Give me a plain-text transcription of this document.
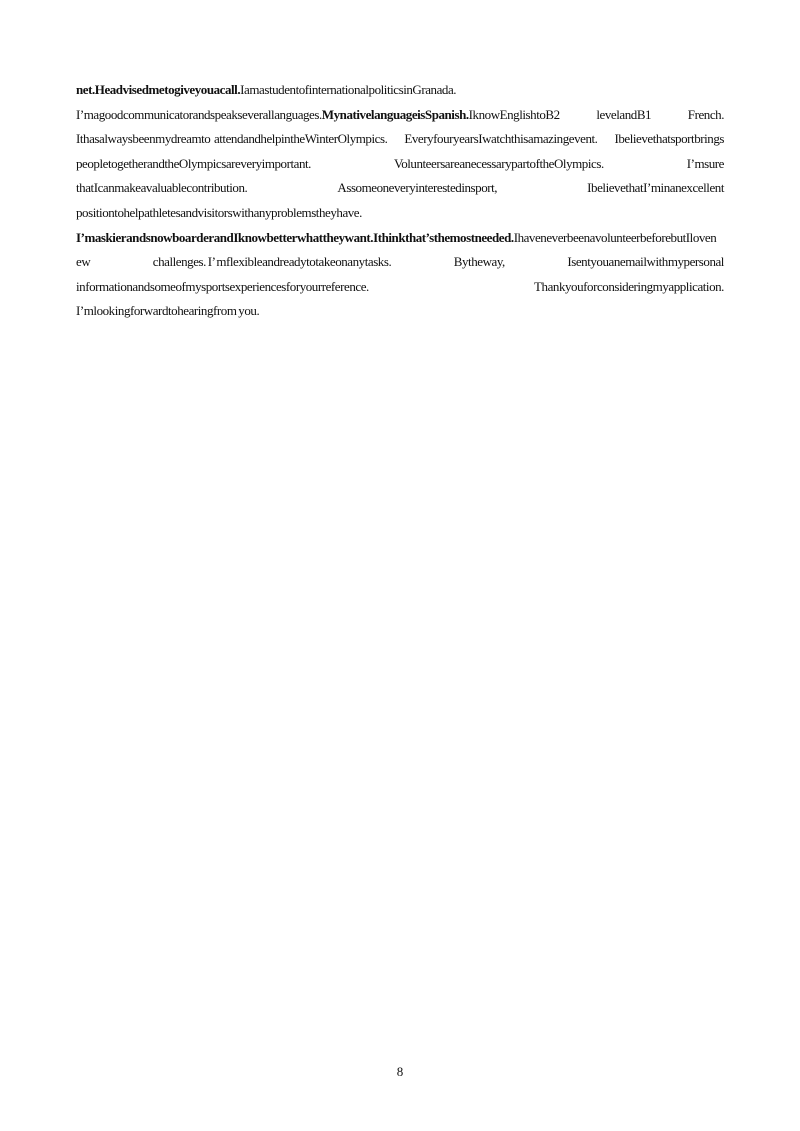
net.Headvisedmetogiveyouacall.IamastudentofinternationalpoliticsinGranada.
I’magoodcommunicatorandspeakseverallanguages.MynativelanguageisSpanish.IknowEnglishtoB2	levelandB1	French.
Ithasalwaysbeenmydreamto attendandhelpintheWinterOlympics. EveryfouryearsIwatchthisamazingevent. Ibelievethatsportbrings
peopletogetherandtheOlympicsareveryimportant.	VolunteersareanecessarypartoftheOlympics.	I’msure
thatIcanmakeavaluablecontribution.	Assomeoneveryinterestedinsport,	IbelievethatI’minanexcellent
positiontohelpathletesandvisitorswithanyproblemstheyhave.
I’maskierandsnowboarderandIknowbetterwhattheywant.Ithinkthat’sthemostneeded.IhaveneverbeenavolunteerbeforebutIloven
ew	challenges. I’ mflexibleandreadytotakeonanytasks.	Bytheway,	Isentyouanemailwithmypersonal
informationandsomeofmysportsexperiencesforyourreference.	Thankyouforconsideringmyapplication.
I’mlookingforwardtohearingfrom you.
8
